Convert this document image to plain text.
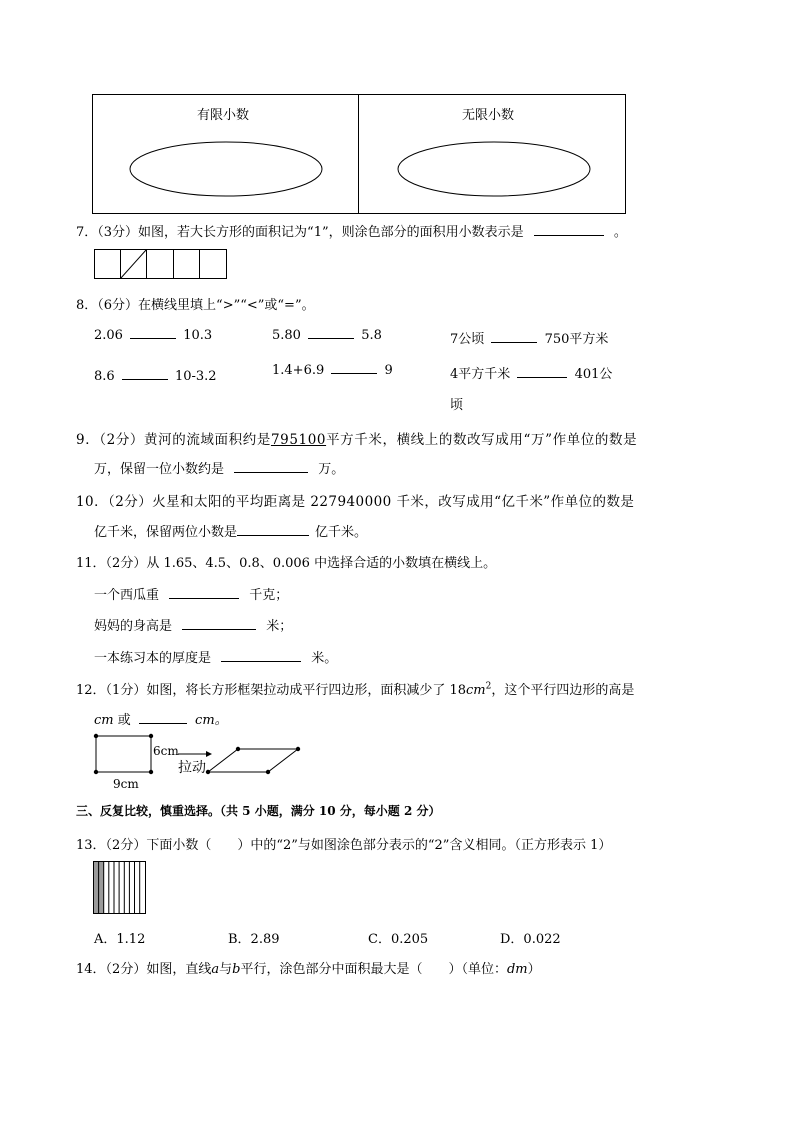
有限小数	无限小数
7．（3分）如图，若大长方形的面积记为“1”，则涂色部分的面积用小数表示是	。
8．（6分）在横线里填上“>”“<”或“=”。
2.06	10.3	5.80	5.8	7公顷	750平方米
8.6	10-3.2	1.4+6.9	9	4平方千米	401公
顷
9．（2分）黄河的流域面积约是795100平方千米，横线上的数改写成用“万”作单位的数是
万，保留一位小数约是	万。
10．（2分）火星和太阳的平均距离是 227940000 千米，改写成用“亿千米”作单位的数是
亿千米，保留两位小数是	亿千米。
11．（2分）从 1.65、4.5、0.8、0.006 中选择合适的小数填在横线上。
一个西瓜重	千克；
妈妈的身高是	米；
一本练习本的厚度是	米。
12．（1分）如图，将长方形框架拉动成平行四边形，面积减少了 $18cm^2$，这个平行四边形的高是
cm 或	cm。
6cm
拉动
9cm
三、反复比较，慎重选择。（共 5 小题，满分 10 分，每小题 2 分）
13．（2分）下面小数（　　）中的“2”与如图涂色部分表示的“2”含义相同。（正方形表示 1）
A．1.12	B．2.89	C．0.205	D．0.022
14．（2分）如图，直线a与b平行，涂色部分中面积最大是（　　）（单位：dm）
